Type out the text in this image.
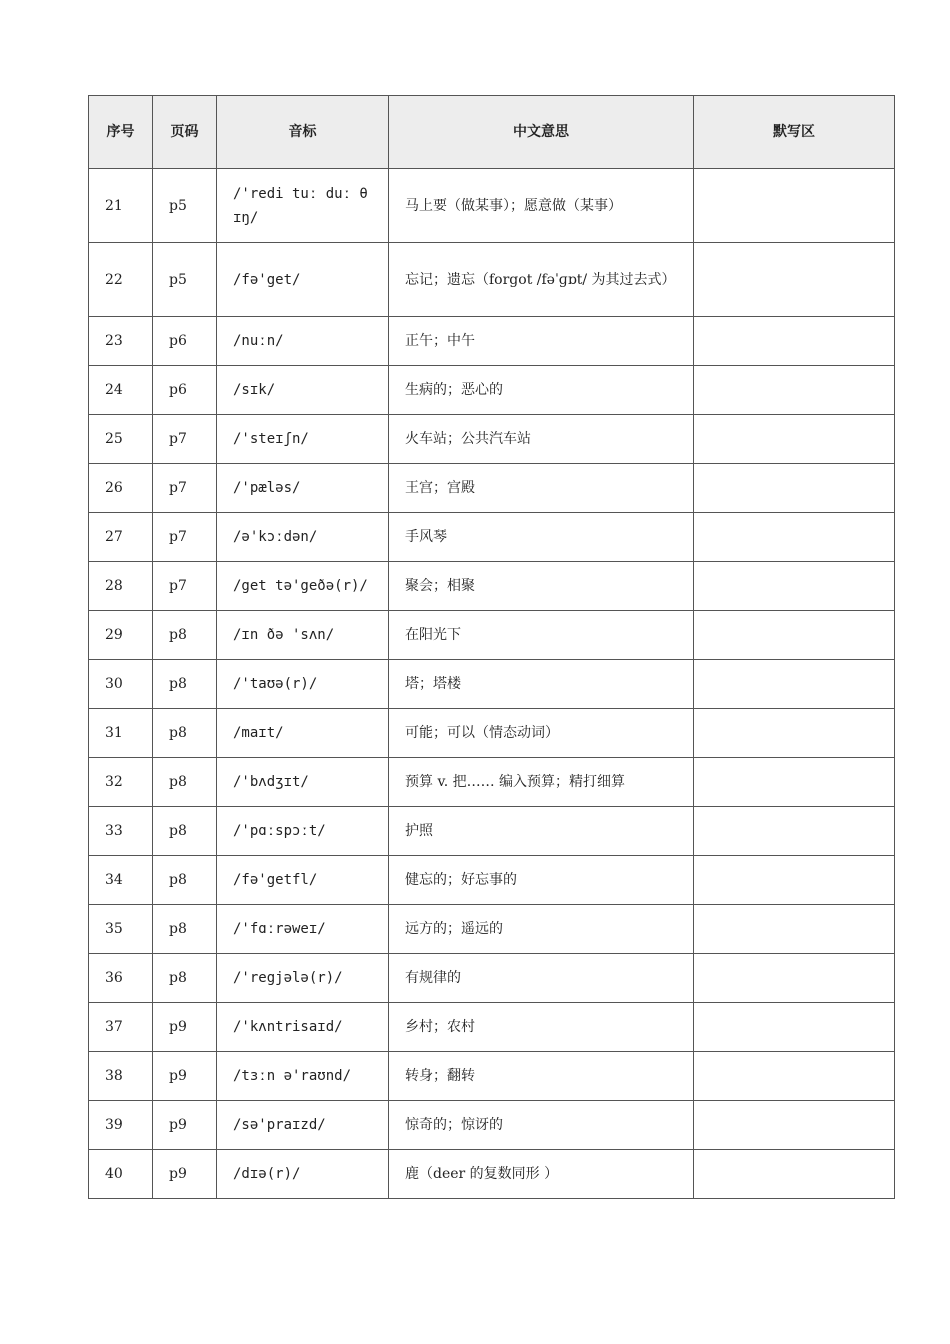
序号	页码	音标	中文意思	默写区
21	p5	/'redi tuː duː θ ɪŋ/	马上要（做某事）；愿意做（某事）	
22	p5	/fə'get/	忘记；遗忘（forgot /fəˈɡɒt/ 为其过去式）	
23	p6	/nuːn/	正午；中午	
24	p6	/sɪk/	生病的；恶心的	
25	p7	/'steɪʃn/	火车站；公共汽车站	
26	p7	/'pæləs/	王宫；宫殿	
27	p7	/ə'kɔːdən/	手风琴	
28	p7	/get tə'geðə(r)/	聚会；相聚	
29	p8	/ɪn ðə 'sʌn/	在阳光下	
30	p8	/'taʊə(r)/	塔；塔楼	
31	p8	/maɪt/	可能；可以（情态动词）	
32	p8	/'bʌdʒɪt/	预算 v. 把…… 编入预算；精打细算	
33	p8	/'pɑːspɔːt/	护照	
34	p8	/fə'getfl/	健忘的；好忘事的	
35	p8	/'fɑːrəweɪ/	远方的；遥远的	
36	p8	/'regjələ(r)/	有规律的	
37	p9	/'kʌntrisaɪd/	乡村；农村	
38	p9	/tɜːn ə'raʊnd/	转身；翻转	
39	p9	/sə'praɪzd/	惊奇的；惊讶的	
40	p9	/dɪə(r)/	鹿（deer 的复数同形 ）	
